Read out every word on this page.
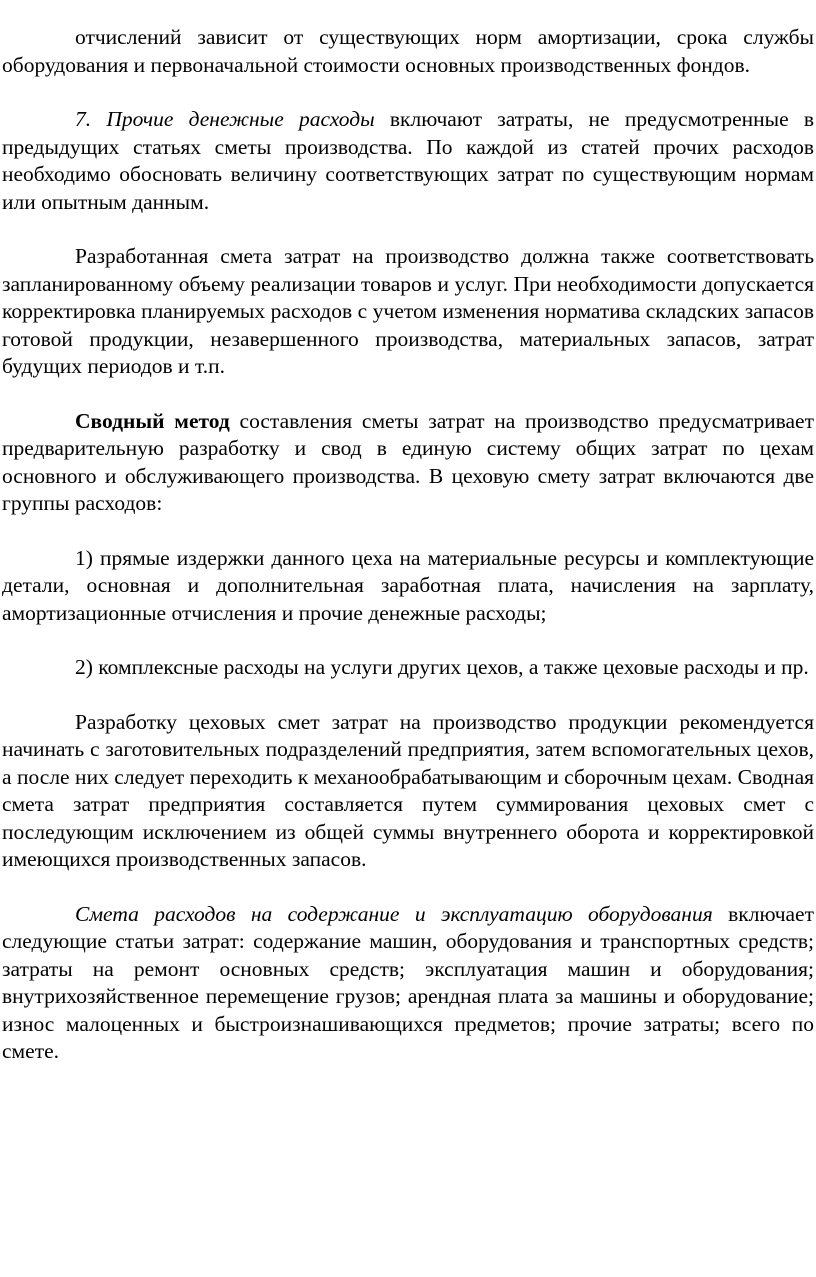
отчислений зависит от существующих норм амортизации, срока службы оборудования и первоначальной стоимости основных производственных фондов.

7. Прочие денежные расходы включают затраты, не предусмотренные в предыдущих статьях сметы производства. По каждой из статей прочих расходов необходимо обосновать величину соответствующих затрат по существующим нормам или опытным данным.

Разработанная смета затрат на производство должна также соответствовать запланированному объему реализации товаров и услуг. При необходимости допускается корректировка планируемых расходов с учетом изменения норматива складских запасов готовой продукции, незавершенного производства, материальных запасов, затрат будущих периодов и т.п.

Сводный метод составления сметы затрат на производство предусматривает предварительную разработку и свод в единую систему общих затрат по цехам основного и обслуживающего производства. В цеховую смету затрат включаются две группы расходов:

1) прямые издержки данного цеха на материальные ресурсы и комплектующие детали, основная и дополнительная заработная плата, начисления на зарплату, амортизационные отчисления и прочие денежные расходы;

2) комплексные расходы на услуги других цехов, а также цеховые расходы и пр.

Разработку цеховых смет затрат на производство продукции рекомендуется начинать с заготовительных подразделений предприятия, затем вспомогательных цехов, а после них следует переходить к механообрабатывающим и сборочным цехам. Сводная смета затрат предприятия составляется путем суммирования цеховых смет с последующим исключением из общей суммы внутреннего оборота и корректировкой имеющихся производственных запасов.

Смета расходов на содержание и эксплуатацию оборудования включает следующие статьи затрат: содержание машин, оборудования и транспортных средств; затраты на ремонт основных средств; эксплуатация машин и оборудования; внутрихозяйственное перемещение грузов; арендная плата за машины и оборудование; износ малоценных и быстроизнашивающихся предметов; прочие затраты; всего по смете.
